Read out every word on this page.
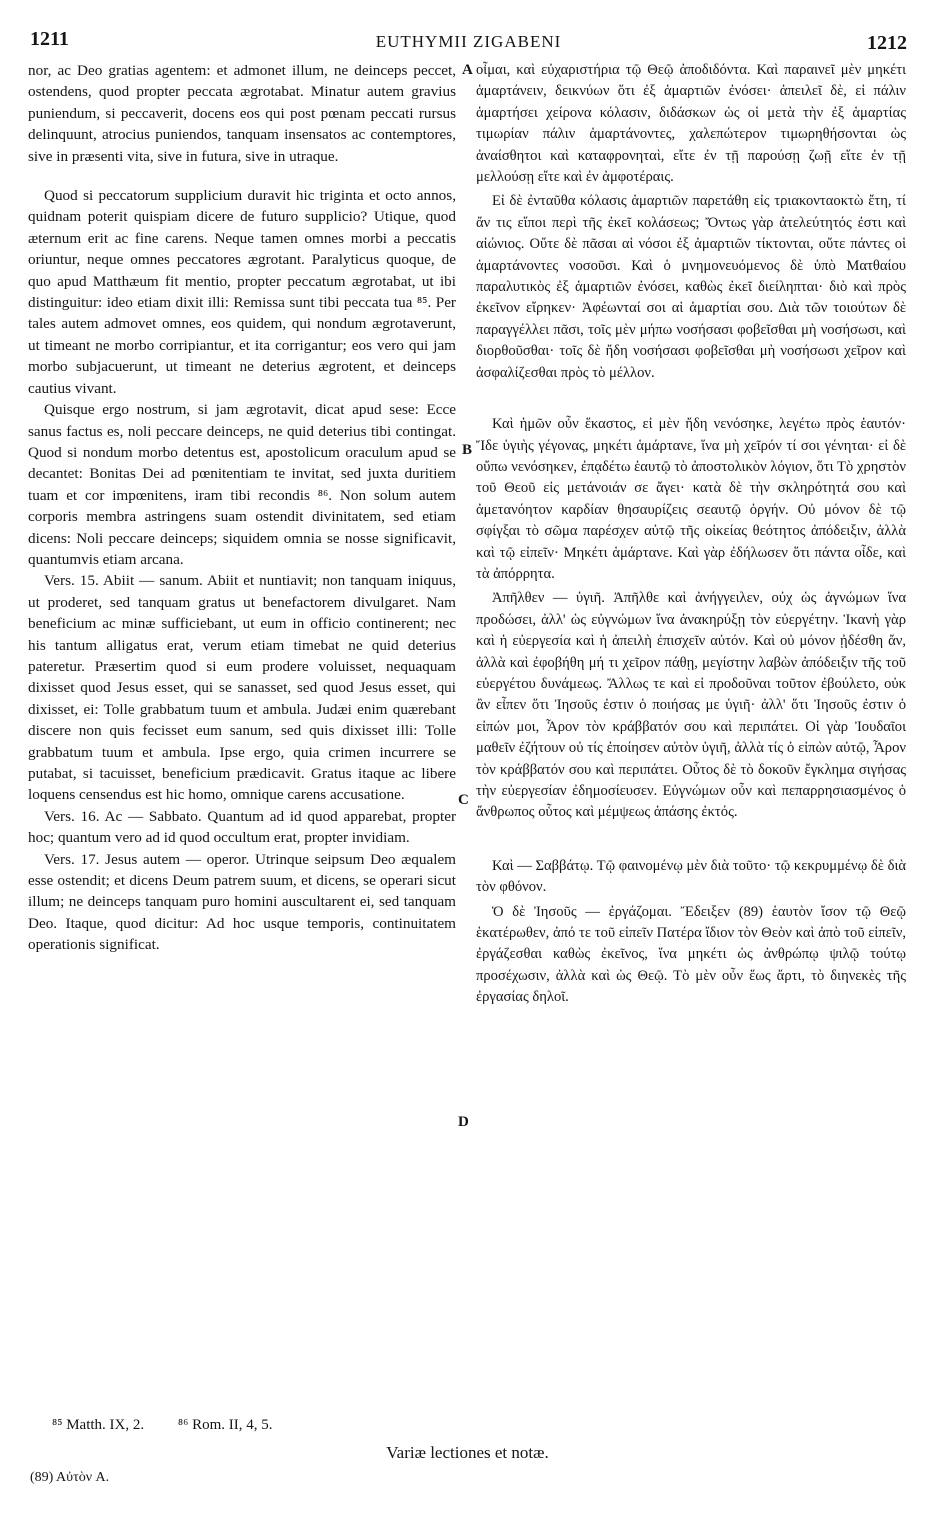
1211	EUTHYMII ZIGABENI	1212

nor, ac Deo gratias agentem: et admonet illum, ne deinceps peccet, ostendens, quod propter peccata ægrotabat. Minatur autem gravius puniendum, si peccaverit, docens eos qui post pœnam peccati rursus delinquunt, atrocius puniendos, tanquam insensatos ac contemptores, sive in præsenti vita, sive in futura, sive in utraque.

Quod si peccatorum supplicium duravit hic triginta et octo annos, quidnam poterit quispiam dicere de futuro supplicio? Utique, quod æternum erit ac fine carens. Neque tamen omnes morbi a peccatis oriuntur, neque omnes peccatores ægrotant. Paralyticus quoque, de quo apud Matthæum fit mentio, propter peccatum ægrotabat, ut ibi distinguitur: ideo etiam dixit illi: Remissa sunt tibi peccata tua ⁸⁵. Per tales autem admovet omnes, eos quidem, qui nondum ægrotaverunt, ut timeant ne morbo corripiantur, et ita corrigantur; eos vero qui jam morbo subjacuerunt, ut timeant ne deterius ægrotent, et deinceps cautius vivant.

Quisque ergo nostrum, si jam ægrotavit, dicat apud sese: Ecce sanus factus es, noli peccare deinceps, ne quid deterius tibi contingat. Quod si nondum morbo detentus est, apostolicum oraculum apud se decantet: Bonitas Dei ad pœnitentiam te invitat, sed juxta duritiem tuam et cor impœnitens, iram tibi recondis ⁸⁶. Non solum autem corporis membra astringens suam ostendit divinitatem, sed etiam dicens: Noli peccare deinceps; siquidem omnia se nosse significavit, quantumvis etiam arcana.

Vers. 15. Abiit — sanum. Abiit et nuntiavit; non tanquam iniquus, ut proderet, sed tanquam gratus ut benefactorem divulgaret. Nam beneficium ac minæ sufficiebant, ut eum in officio continerent; nec his tantum alligatus erat, verum etiam timebat ne quid deterius pateretur. Præsertim quod si eum prodere voluisset, nequaquam dixisset quod Jesus esset, qui se sanasset, sed quod Jesus esset, qui dixisset, ei: Tolle grabbatum tuum et ambula. Judæi enim quærebant discere non quis fecisset eum sanum, sed quis dixisset illi: Tolle grabbatum tuum et ambula. Ipse ergo, quia crimen incurrere se putabat, si tacuisset, beneficium prædicavit. Gratus itaque ac libere loquens censendus est hic homo, omnique carens accusatione.

Vers. 16. Ac — Sabbato. Quantum ad id quod apparebat, propter hoc; quantum vero ad id quod occultum erat, propter invidiam.

Vers. 17. Jesus autem — operor. Utrinque seipsum Deo æqualem esse ostendit; et dicens Deum patrem suum, et dicens, se operari sicut illum; ne deinceps tanquam puro homini auscultarent ei, sed tanquam Deo. Itaque, quod dicitur: Ad hoc usque temporis, continuitatem operationis significat.

A
B
C
D

οἶμαι, καὶ εὐχαριστήρια τῷ Θεῷ ἀποδιδόντα. Καὶ παραινεῖ μὲν μηκέτι ἁμαρτάνειν, δεικνύων ὅτι ἐξ ἁμαρτιῶν ἐνόσει· ἀπειλεῖ δὲ, εἰ πάλιν ἁμαρτήσει χείρονα κόλασιν, διδάσκων ὡς οἱ μετὰ τὴν ἐξ ἁμαρτίας τιμωρίαν πάλιν ἁμαρτάνοντες, χαλεπώτερον τιμωρηθήσονται ὡς ἀναίσθητοι καὶ καταφρονηταὶ, εἴτε ἐν τῇ παρούσῃ ζωῇ εἴτε ἐν τῇ μελλούσῃ εἴτε καὶ ἐν ἀμφοτέραις.

Εἰ δὲ ἐνταῦθα κόλασις ἁμαρτιῶν παρετάθη εἰς τριακονταοκτὼ ἔτη, τί ἄν τις εἴποι περὶ τῆς ἐκεῖ κολάσεως; Ὄντως γὰρ ἀτελεύτητός ἐστι καὶ αἰώνιος. Οὔτε δὲ πᾶσαι αἱ νόσοι ἐξ ἁμαρτιῶν τίκτονται, οὔτε πάντες οἱ ἁμαρτάνοντες νοσοῦσι. Καὶ ὁ μνημονευόμενος δὲ ὑπὸ Ματθαίου παραλυτικὸς ἐξ ἁμαρτιῶν ἐνόσει, καθὼς ἐκεῖ διείληπται· διὸ καὶ πρὸς ἐκεῖνον εἴρηκεν· Ἀφέωνταί σοι αἱ ἁμαρτίαι σου. Διὰ τῶν τοιούτων δὲ παραγγέλλει πᾶσι, τοῖς μὲν μήπω νοσήσασι φοβεῖσθαι μὴ νοσήσωσι, καὶ διορθοῦσθαι· τοῖς δὲ ἤδη νοσήσασι φοβεῖσθαι μὴ νοσήσωσι χεῖρον καὶ ἀσφαλίζεσθαι πρὸς τὸ μέλλον.

Καὶ ἡμῶν οὖν ἕκαστος, εἰ μὲν ἤδη νενόσηκε, λεγέτω πρὸς ἑαυτόν· Ἴδε ὑγιὴς γέγονας, μηκέτι ἁμάρτανε, ἵνα μὴ χεῖρόν τί σοι γένηται· εἰ δὲ οὔπω νενόσηκεν, ἐπᾳδέτω ἑαυτῷ τὸ ἀποστολικὸν λόγιον, ὅτι Τὸ χρηστὸν τοῦ Θεοῦ εἰς μετάνοιάν σε ἄγει· κατὰ δὲ τὴν σκληρότητά σου καὶ ἀμετανόητον καρδίαν θησαυρίζεις σεαυτῷ ὀργήν. Οὐ μόνον δὲ τῷ σφίγξαι τὸ σῶμα παρέσχεν αὐτῷ τῆς οἰκείας θεότητος ἀπόδειξιν, ἀλλὰ καὶ τῷ εἰπεῖν· Μηκέτι ἁμάρτανε. Καὶ γὰρ ἐδήλωσεν ὅτι πάντα οἶδε, καὶ τὰ ἀπόρρητα.

Ἀπῆλθεν — ὑγιῆ. Ἀπῆλθε καὶ ἀνήγγειλεν, οὐχ ὡς ἀγνώμων ἵνα προδώσει, ἀλλ' ὡς εὐγνώμων ἵνα ἀνακηρύξῃ τὸν εὐεργέτην. Ἱκανὴ γὰρ καὶ ἡ εὐεργεσία καὶ ἡ ἀπειλὴ ἐπισχεῖν αὐτόν. Καὶ οὐ μόνον ᾐδέσθη ἄν, ἀλλὰ καὶ ἐφοβήθη μή τι χεῖρον πάθῃ, μεγίστην λαβὼν ἀπόδειξιν τῆς τοῦ εὐεργέτου δυνάμεως. Ἄλλως τε καὶ εἰ προδοῦναι τοῦτον ἐβούλετο, οὐκ ἂν εἶπεν ὅτι Ἰησοῦς ἐστιν ὁ ποιήσας με ὑγιῆ· ἀλλ' ὅτι Ἰησοῦς ἐστιν ὁ εἰπών μοι, Ἆρον τὸν κράββατόν σου καὶ περιπάτει. Οἱ γὰρ Ἰουδαῖοι μαθεῖν ἐζήτουν οὐ τίς ἐποίησεν αὐτὸν ὑγιῆ, ἀλλὰ τίς ὁ εἰπὼν αὐτῷ, Ἆρον τὸν κράββατόν σου καὶ περιπάτει. Οὗτος δὲ τὸ δοκοῦν ἔγκλημα σιγήσας τὴν εὐεργεσίαν ἐδημοσίευσεν. Εὐγνώμων οὖν καὶ πεπαρρησιασμένος ὁ ἄνθρωπος οὗτος καὶ μέμψεως ἁπάσης ἐκτός.

Καὶ — Σαββάτῳ. Τῷ φαινομένῳ μὲν διὰ τοῦτο· τῷ κεκρυμμένῳ δὲ διὰ τὸν φθόνον.

Ὁ δὲ Ἰησοῦς — ἐργάζομαι. Ἔδειξεν (89) ἑαυτὸν ἴσον τῷ Θεῷ ἑκατέρωθεν, ἀπό τε τοῦ εἰπεῖν Πατέρα ἴδιον τὸν Θεὸν καὶ ἀπὸ τοῦ εἰπεῖν, ἐργάζεσθαι καθὼς ἐκεῖνος, ἵνα μηκέτι ὡς ἀνθρώπῳ ψιλῷ τούτῳ προσέχωσιν, ἀλλὰ καὶ ὡς Θεῷ. Τὸ μὲν οὖν ἕως ἄρτι, τὸ διηνεκὲς τῆς ἐργασίας δηλοῖ.

⁸⁵ Matth. IX, 2. ⁸⁶ Rom. II, 4, 5.
Variæ lectiones et notæ.
(89) Αὐτὸν A.
